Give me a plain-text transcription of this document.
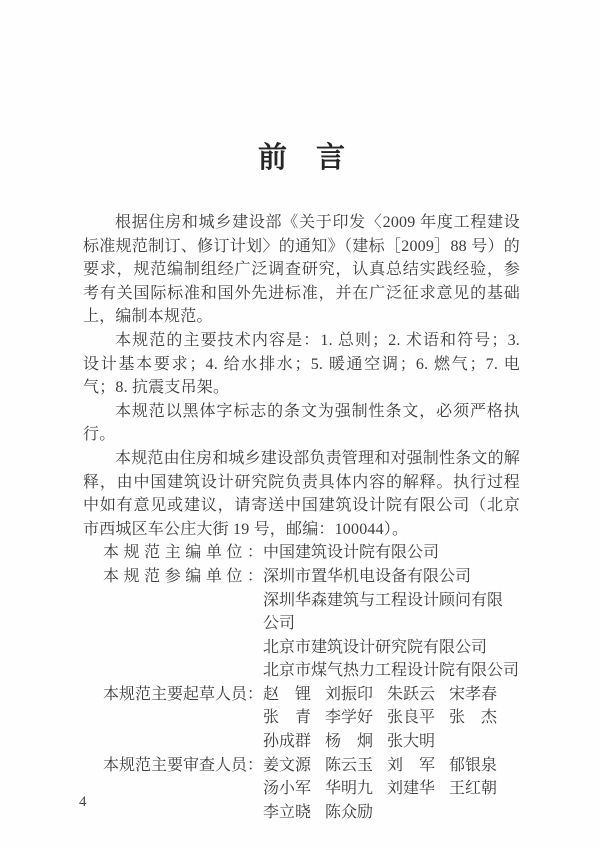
前　言

根据住房和城乡建设部《关于印发〈2009 年度工程建设标准规范制订、修订计划〉的通知》（建标［2009］88 号）的要求，规范编制组经广泛调查研究，认真总结实践经验，参考有关国际标准和国外先进标准，并在广泛征求意见的基础上，编制本规范。

本规范的主要技术内容是：1. 总则；2. 术语和符号；3. 设计基本要求；4. 给水排水；5. 暖通空调；6. 燃气；7. 电气；8. 抗震支吊架。

本规范以黑体字标志的条文为强制性条文，必须严格执行。

本规范由住房和城乡建设部负责管理和对强制性条文的解释，由中国建筑设计研究院负责具体内容的解释。执行过程中如有意见或建议，请寄送中国建筑设计院有限公司（北京市西城区车公庄大街 19 号，邮编：100044）。

本规范主编单位： 中国建筑设计院有限公司
本规范参编单位： 深圳市置华机电设备有限公司
深圳华森建筑与工程设计顾问有限
公司
北京市建筑设计研究院有限公司
北京市煤气热力工程设计院有限公司
本规范主要起草人员： 赵　锂 刘振印 朱跃云 宋孝春
张　青 李学好 张良平 张　杰
孙成群 杨　炯 张大明
本规范主要审查人员： 姜文源 陈云玉 刘　军 郁银泉
汤小军 华明九 刘建华 王红朝
李立晓 陈众励
4
